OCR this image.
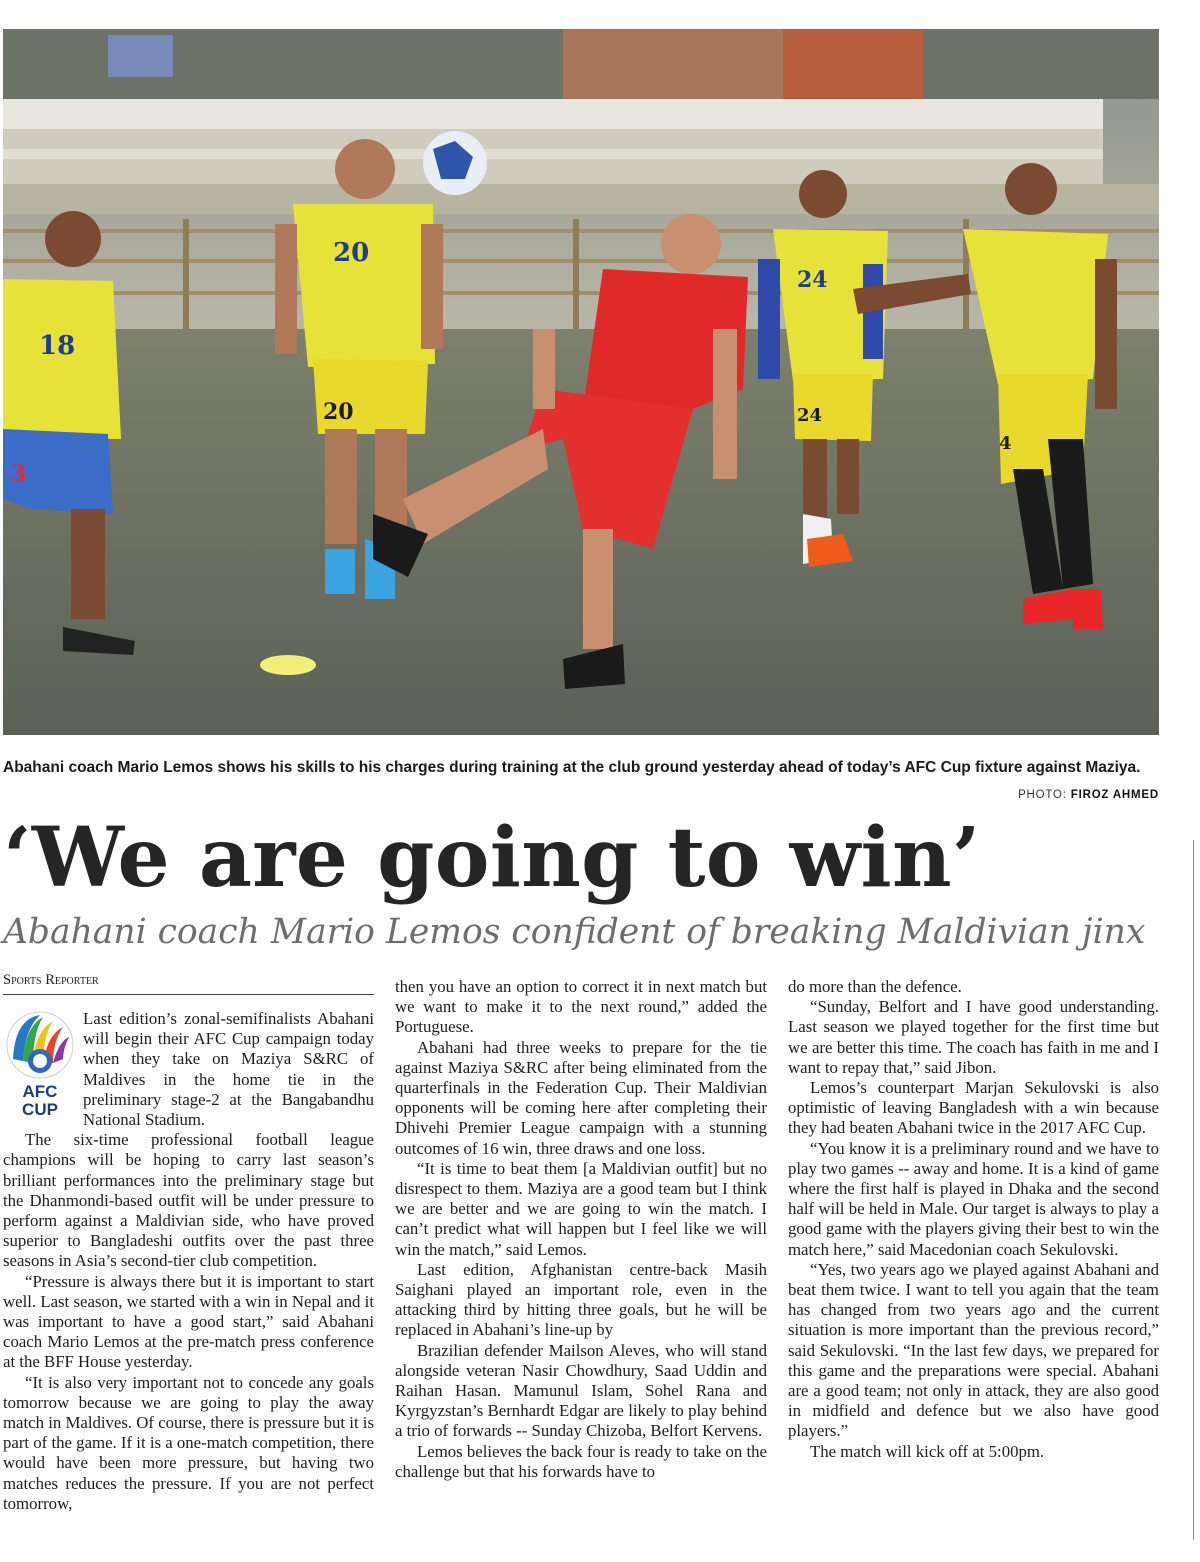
18
3
20
20
24
24
4
Abahani coach Mario Lemos shows his skills to his charges during training at the club ground yesterday ahead of today’s AFC Cup fixture against Maziya.
PHOTO: FIROZ AHMED
‘We are going to win’
Abahani coach Mario Lemos confident of breaking Maldivian jinx
Sports Reporter
AFC
CUP

Last edition’s zonal-semifinalists Abahani will begin their AFC Cup campaign today when they take on Maziya S&RC of Maldives in the home tie in the preliminary stage-2 at the Bangabandhu National Stadium.

The six-time professional football league champions will be hoping to carry last season’s brilliant performances into the preliminary stage but the Dhanmondi-based outfit will be under pressure to perform against a Maldivian side, who have proved superior to Bangladeshi outfits over the past three seasons in Asia’s second-tier club competition.

“Pressure is always there but it is important to start well. Last season, we started with a win in Nepal and it was important to have a good start,” said Abahani coach Mario Lemos at the pre-match press conference at the BFF House yesterday.

“It is also very important not to concede any goals tomorrow because we are going to play the away match in Maldives. Of course, there is pressure but it is part of the game. If it is a one-match competition, there would have been more pressure, but having two matches reduces the pressure. If you are not perfect tomorrow,

then you have an option to correct it in next match but we want to make it to the next round,” added the Portuguese.

Abahani had three weeks to prepare for the tie against Maziya S&RC after being eliminated from the quarterfinals in the Federation Cup. Their Maldivian opponents will be coming here after completing their Dhivehi Premier League campaign with a stunning outcomes of 16 win, three draws and one loss.

“It is time to beat them [a Maldivian outfit] but no disrespect to them. Maziya are a good team but I think we are better and we are going to win the match. I can’t predict what will happen but I feel like we will win the match,” said Lemos.

Last edition, Afghanistan centre-back Masih Saighani played an important role, even in the attacking third by hitting three goals, but he will be replaced in Abahani’s line-up by

Brazilian defender Mailson Aleves, who will stand alongside veteran Nasir Chowdhury, Saad Uddin and Raihan Hasan. Mamunul Islam, Sohel Rana and Kyrgyzstan’s Bernhardt Edgar are likely to play behind a trio of forwards -- Sunday Chizoba, Belfort Kervens.

Lemos believes the back four is ready to take on the challenge but that his forwards have to

do more than the defence.

“Sunday, Belfort and I have good understanding. Last season we played together for the first time but we are better this time. The coach has faith in me and I want to repay that,” said Jibon.

Lemos’s counterpart Marjan Sekulovski is also optimistic of leaving Bangladesh with a win because they had beaten Abahani twice in the 2017 AFC Cup.

“You know it is a preliminary round and we have to play two games -- away and home. It is a kind of game where the first half is played in Dhaka and the second half will be held in Male. Our target is always to play a good game with the players giving their best to win the match here,” said Macedonian coach Sekulovski.

“Yes, two years ago we played against Abahani and beat them twice. I want to tell you again that the team has changed from two years ago and the current situation is more important than the previous record,” said Sekulovski. “In the last few days, we prepared for this game and the preparations were special. Abahani are a good team; not only in attack, they are also good in midfield and defence but we also have good players.”

The match will kick off at 5:00pm.
